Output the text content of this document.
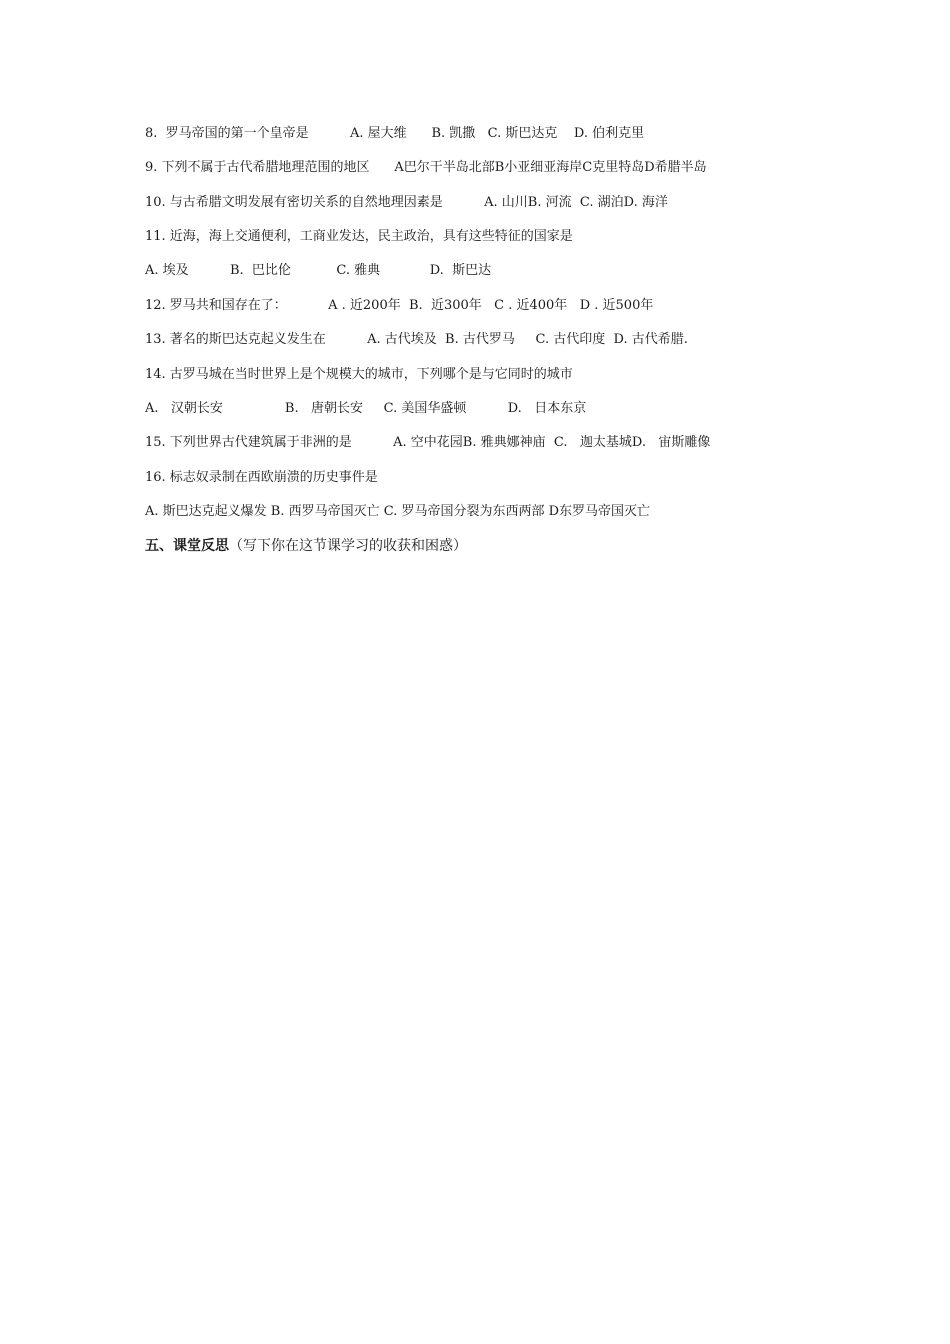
8.  罗马帝国的第一个皇帝是          A. 屋大维      B. 凯撒   C. 斯巴达克    D. 伯利克里
9. 下列不属于古代希腊地理范围的地区      A巴尔干半岛北部B小亚细亚海岸C克里特岛D希腊半岛
10. 与古希腊文明发展有密切关系的自然地理因素是          A. 山川B. 河流  C. 湖泊D. 海洋
11. 近海，海上交通便利，工商业发达，民主政治，具有这些特征的国家是
A. 埃及          B.  巴比伦           C. 雅典            D.  斯巴达
12. 罗马共和国存在了：          A . 近200年  B.  近300年   C . 近400年   D . 近500年
13. 著名的斯巴达克起义发生在          A. 古代埃及  B. 古代罗马     C. 古代印度  D. 古代希腊.
14. 古罗马城在当时世界上是个规模大的城市，下列哪个是与它同时的城市
A.   汉朝长安               B.   唐朝长安     C. 美国华盛顿          D.   日本东京
15. 下列世界古代建筑属于非洲的是          A. 空中花园B. 雅典娜神庙  C.   迦太基城D.   宙斯雕像
16. 标志奴录制在西欧崩溃的历史事件是
A. 斯巴达克起义爆发 B. 西罗马帝国灭亡 C. 罗马帝国分裂为东西两部 D东罗马帝国灭亡
五、课堂反思（写下你在这节课学习的收获和困惑）
